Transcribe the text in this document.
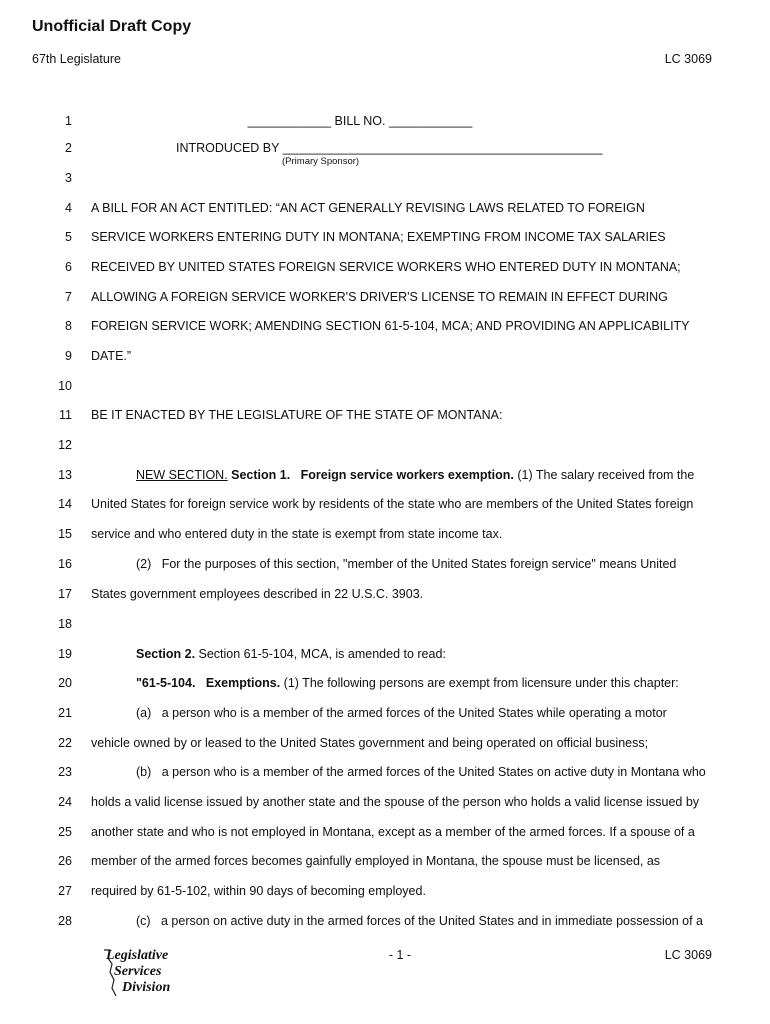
Unofficial Draft Copy
67th Legislature	LC 3069
1	____________ BILL NO. ____________
2	INTRODUCED BY ______________________________________________
(Primary Sponsor)
3
4 A BILL FOR AN ACT ENTITLED: “AN ACT GENERALLY REVISING LAWS RELATED TO FOREIGN
5 SERVICE WORKERS ENTERING DUTY IN MONTANA; EXEMPTING FROM INCOME TAX SALARIES
6 RECEIVED BY UNITED STATES FOREIGN SERVICE WORKERS WHO ENTERED DUTY IN MONTANA;
7 ALLOWING A FOREIGN SERVICE WORKER'S DRIVER'S LICENSE TO REMAIN IN EFFECT DURING
8 FOREIGN SERVICE WORK; AMENDING SECTION 61-5-104, MCA; AND PROVIDING AN APPLICABILITY
9 DATE.”
10
11 BE IT ENACTED BY THE LEGISLATURE OF THE STATE OF MONTANA:
12
13	NEW SECTION. Section 1.   Foreign service workers exemption. (1) The salary received from the
14 United States for foreign service work by residents of the state who are members of the United States foreign
15 service and who entered duty in the state is exempt from state income tax.
16	(2)   For the purposes of this section, "member of the United States foreign service" means United
17 States government employees described in 22 U.S.C. 3903.
18
19	Section 2. Section 61-5-104, MCA, is amended to read:
20	"61-5-104.   Exemptions. (1) The following persons are exempt from licensure under this chapter:
21	(a)   a person who is a member of the armed forces of the United States while operating a motor
22 vehicle owned by or leased to the United States government and being operated on official business;
23	(b)   a person who is a member of the armed forces of the United States on active duty in Montana who
24 holds a valid license issued by another state and the spouse of the person who holds a valid license issued by
25 another state and who is not employed in Montana, except as a member of the armed forces. If a spouse of a
26 member of the armed forces becomes gainfully employed in Montana, the spouse must be licensed, as
27 required by 61-5-102, within 90 days of becoming employed.
28	(c)   a person on active duty in the armed forces of the United States and in immediate possession of a
Legislative
Services
Division
- 1 -	LC 3069
